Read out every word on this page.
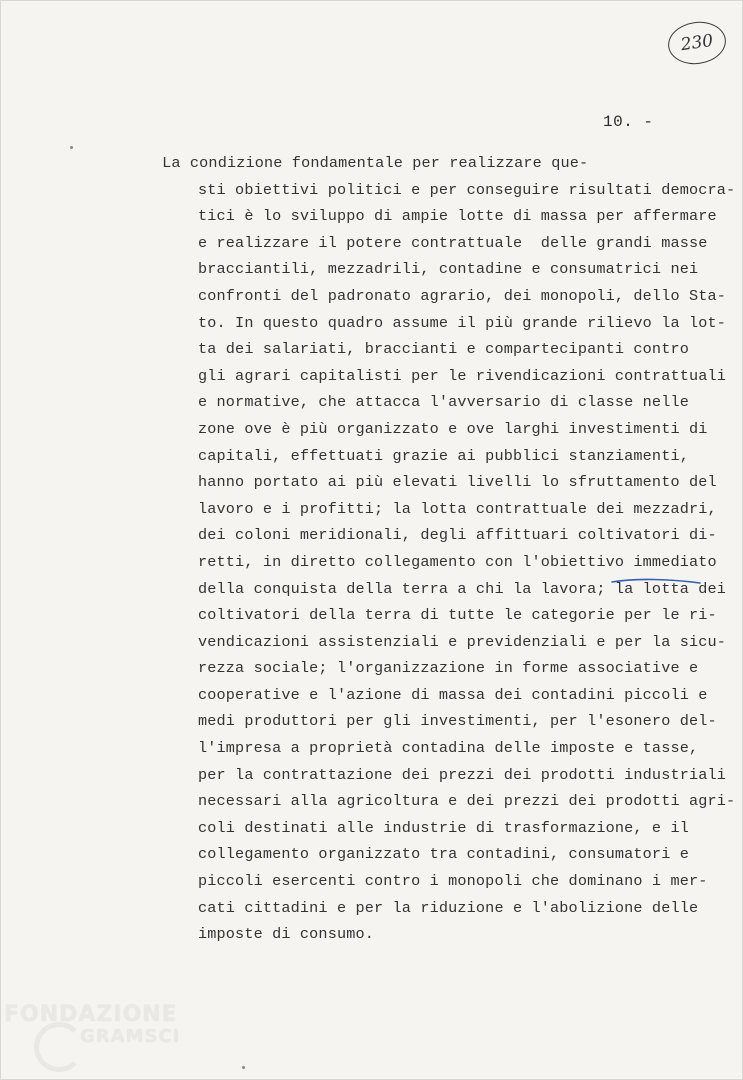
230
10. -
La condizione fondamentale per realizzare que-
sti obiettivi politici e per conseguire risultati democra-
tici è lo sviluppo di ampie lotte di massa per affermare
e realizzare il potere contrattuale  delle grandi masse
bracciantili, mezzadrili, contadine e consumatrici nei
confronti del padronato agrario, dei monopoli, dello Sta-
to. In questo quadro assume il più grande rilievo la lot-
ta dei salariati, braccianti e compartecipanti contro
gli agrari capitalisti per le rivendicazioni contrattuali
e normative, che attacca l'avversario di classe nelle
zone ove è più organizzato e ove larghi investimenti di
capitali, effettuati grazie ai pubblici stanziamenti,
hanno portato ai più elevati livelli lo sfruttamento del
lavoro e i profitti; la lotta contrattuale dei mezzadri,
dei coloni meridionali, degli affittuari coltivatori di-
retti, in diretto collegamento con l'obiettivo immediato
della conquista della terra a chi la lavora; la lotta dei
coltivatori della terra di tutte le categorie per le ri-
vendicazioni assistenziali e previdenziali e per la sicu-
rezza sociale; l'organizzazione in forme associative e
cooperative e l'azione di massa dei contadini piccoli e
medi produttori per gli investimenti, per l'esonero del-
l'impresa a proprietà contadina delle imposte e tasse,
per la contrattazione dei prezzi dei prodotti industriali
necessari alla agricoltura e dei prezzi dei prodotti agri-
coli destinati alle industrie di trasformazione, e il
collegamento organizzato tra contadini, consumatori e
piccoli esercenti contro i monopoli che dominano i mer-
cati cittadini e per la riduzione e l'abolizione delle
imposte di consumo.
FONDAZIONE
GRAMSCI
